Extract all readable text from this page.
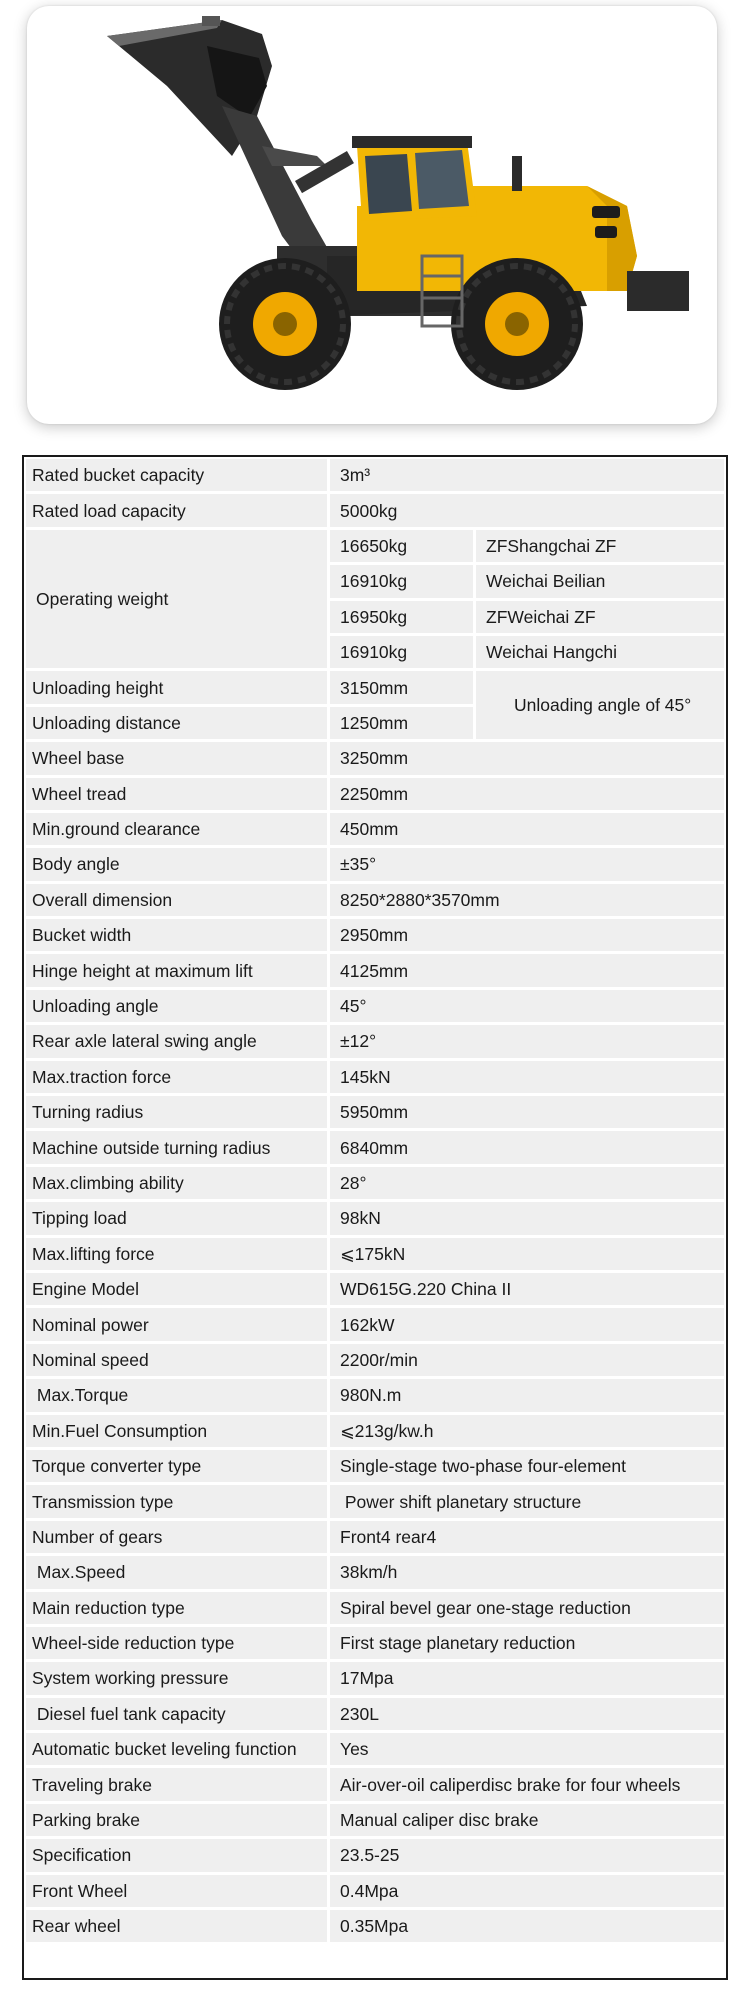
Rated bucket capacity	3m³	
Rated load capacity	5000kg	
Operating weight	16650kg	ZFShangchai ZF
	16910kg	Weichai Beilian
	16950kg	ZFWeichai ZF
	16910kg	Weichai Hangchi
Unloading height	3150mm	Unloading angle of 45°
Unloading distance	1250mm	
Wheel base	3250mm	
Wheel tread	2250mm	
Min.ground clearance	450mm	
Body angle	±35°	
Overall dimension	8250*2880*3570mm	
Bucket width	2950mm	
Hinge height at maximum lift	4125mm	
Unloading angle	45°	
Rear axle lateral swing angle	±12°	
Max.traction force	145kN	
Turning radius	5950mm	
Machine outside turning radius	6840mm	
Max.climbing ability	28°	
Tipping load	98kN	
Max.lifting force	⩽175kN	
Engine Model	WD615G.220 China II	
Nominal power	162kW	
Nominal speed	2200r/min	
Max.Torque	980N.m	
Min.Fuel Consumption	⩽213g/kw.h	
Torque converter type	Single-stage two-phase four-element	
Transmission type	Power shift planetary structure	
Number of gears	Front4 rear4	
Max.Speed	38km/h	
Main reduction type	Spiral bevel gear one-stage reduction	
Wheel-side reduction type	First stage planetary reduction	
System working pressure	17Mpa	
Diesel fuel tank capacity	230L	
Automatic bucket leveling function	Yes	
Traveling brake	Air-over-oil caliperdisc brake for four wheels	
Parking brake	Manual caliper disc brake	
Specification	23.5-25	
Front Wheel	0.4Mpa	
Rear wheel	0.35Mpa	
